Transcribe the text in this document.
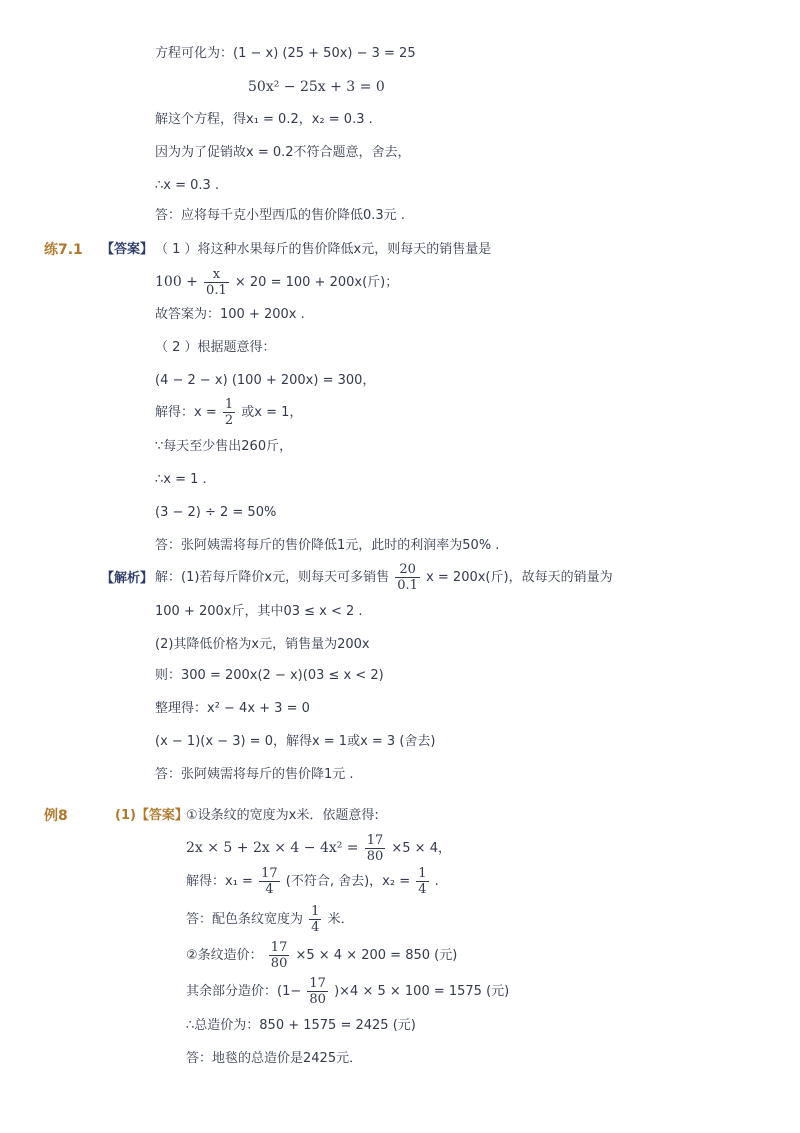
方程可化为：(1 − x) (25 + 50x) − 3 = 25
50x² − 25x + 3 = 0
解这个方程，得x₁ = 0.2，x₂ = 0.3 .
因为为了促销故x = 0.2不符合题意，舍去，
∴x = 0.3 .
答：应将每千克小型西瓜的售价降低0.3元 .
练7.1 【答案】 （ 1 ）将这种水果每斤的售价降低x元，则每天的销售量是
$100 + \frac{x}{0.1} \times 20 = 100 + 200x$(斤)；
故答案为：100 + 200x .
（ 2 ）根据题意得：
(4 − 2 − x) (100 + 200x) = 300，
解得：$x = \frac{1}{2}$ 或x = 1，
∵每天至少售出260斤，
∴x = 1 .
(3 − 2) ÷ 2 = 50%
答：张阿姨需将每斤的售价降低1元，此时的利润率为50% .
【解析】 解：(1)若每斤降价x元，则每天可多销售 $\frac{20}{0.1}$ x = 200x(斤)，故每天的销量为
100 + 200x斤，其中03 ≤ x < 2 .
(2)其降低价格为x元，销售量为200x
则：300 = 200x(2 − x)(03 ≤ x < 2)
整理得：x² − 4x + 3 = 0
(x − 1)(x − 3) = 0，解得x = 1或x = 3 (舍去)
答：张阿姨需将每斤的售价降1元 .
例8	(1)【答案】
①设条纹的宽度为x米．依题意得:
$2x \times 5 + 2x \times 4 - 4x^2 = \frac{17}{80} \times 5 \times 4$，
解得：$x_1 = \frac{17}{4}$ (不符合, 舍去)，$x_2 = \frac{1}{4}$ .
答：配色条纹宽度为 $\frac{1}{4}$ 米．
②条纹造价： $\frac{17}{80} \times 5 \times 4 \times 200 = 850$ (元)
其余部分造价：$(1- \frac{17}{80} )\times 4 \times 5 \times 100 = 1575$ (元)
∴总造价为：850 + 1575 = 2425 (元)
答：地毯的总造价是2425元．
